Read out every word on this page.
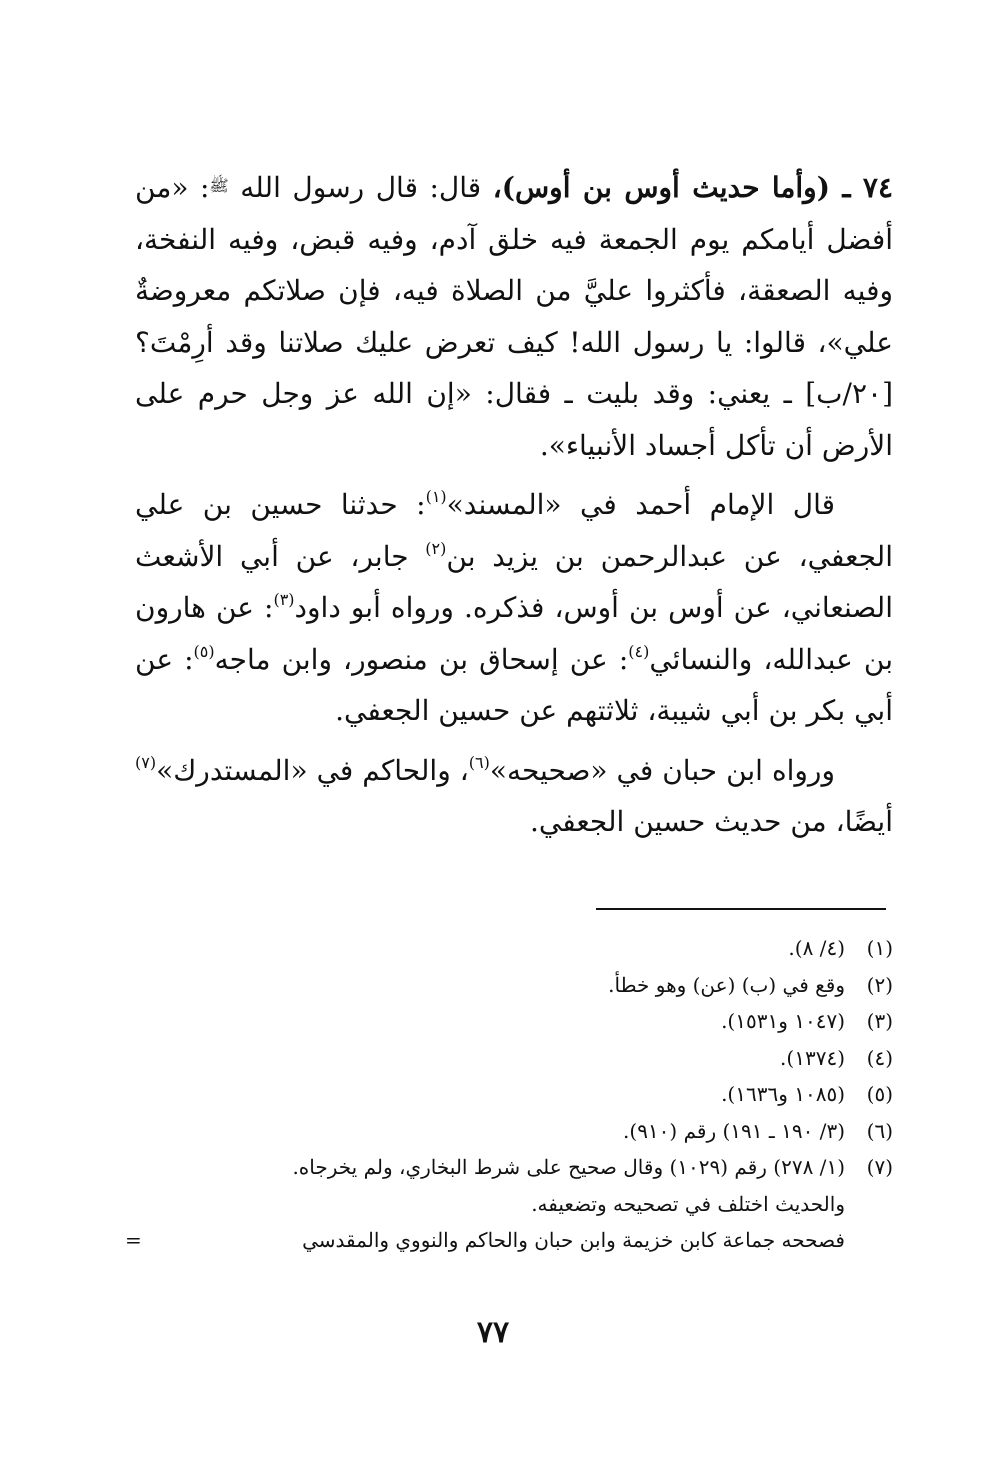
٧٤ ـ (وأما حديث أوس بن أوس)، قال: قال رسول الله $^ﷺ$: «من أفضل أيامكم يوم الجمعة فيه خلق آدم، وفيه قبض، وفيه النفخة، وفيه الصعقة، فأكثروا عليَّ من الصلاة فيه، فإن صلاتكم معروضةٌ علي»، قالوا: يا رسول الله! كيف تعرض عليك صلاتنا وقد أرِمْتَ؟ [٢٠/ب] ـ يعني: وقد بليت ـ فقال: «إن الله عز وجل حرم على الأرض أن تأكل أجساد الأنبياء».

قال الإمام أحمد في «المسند»$^{(١)}$: حدثنا حسين بن علي الجعفي، عن عبدالرحمن بن يزيد بن$^{(٢)}$ جابر، عن أبي الأشعث الصنعاني، عن أوس بن أوس، فذكره. ورواه أبو داود$^{(٣)}$: عن هارون بن عبدالله، والنسائي$^{(٤)}$: عن إسحاق بن منصور، وابن ماجه$^{(٥)}$: عن أبي بكر بن أبي شيبة، ثلاثتهم عن حسين الجعفي.

ورواه ابن حبان في «صحيحه»$^{(٦)}$، والحاكم في «المستدرك»$^{(٧)}$ أيضًا، من حديث حسين الجعفي.

(١)
(٤/ ٨).
(٢)
وقع في (ب) (عن) وهو خطأ.
(٣)
(١٠٤٧ و١٥٣١).
(٤)
(١٣٧٤).
(٥)
(١٠٨٥ و١٦٣٦).
(٦)
(٣/ ١٩٠ ـ ١٩١) رقم (٩١٠).
(٧)
(١/ ٢٧٨) رقم (١٠٢٩) وقال صحيح على شرط البخاري، ولم يخرجاه.
والحديث اختلف في تصحيحه وتضعيفه.
فصححه جماعة كابن خزيمة وابن حبان والحاكم والنووي والمقدسي
=
٧٧
